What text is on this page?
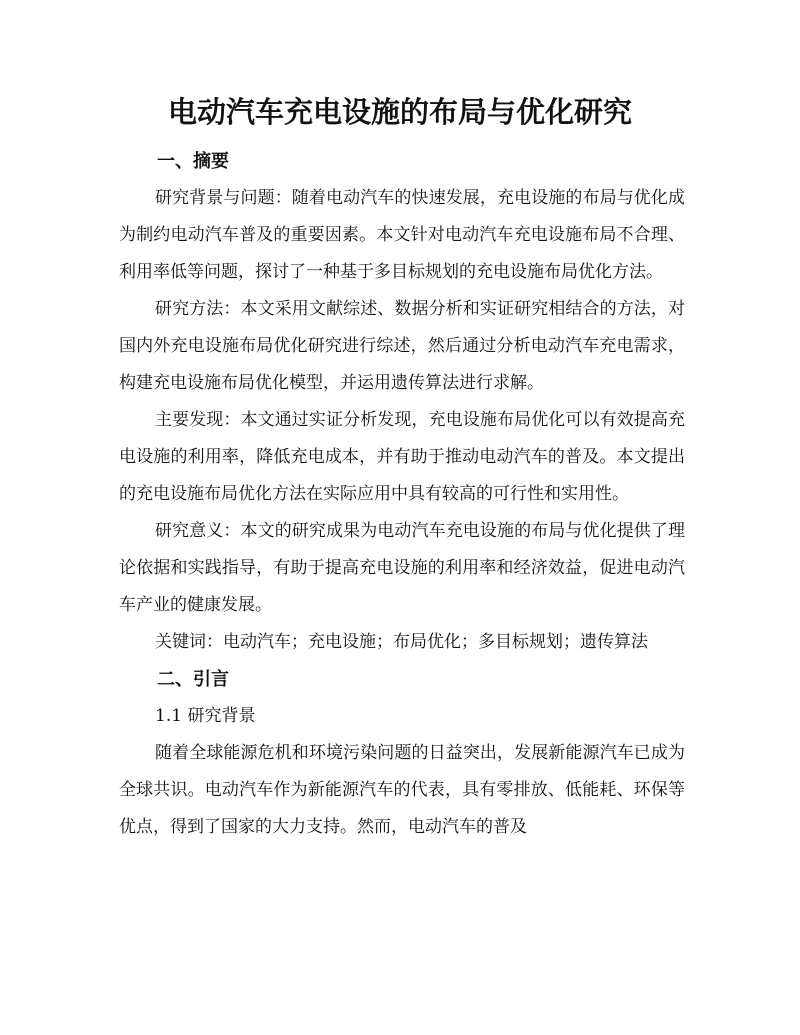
电动汽车充电设施的布局与优化研究

一、摘要

研究背景与问题：随着电动汽车的快速发展，充电设施的布局与优化成为制约电动汽车普及的重要因素。本文针对电动汽车充电设施布局不合理、利用率低等问题，探讨了一种基于多目标规划的充电设施布局优化方法。

研究方法：本文采用文献综述、数据分析和实证研究相结合的方法，对国内外充电设施布局优化研究进行综述，然后通过分析电动汽车充电需求，构建充电设施布局优化模型，并运用遗传算法进行求解。

主要发现：本文通过实证分析发现，充电设施布局优化可以有效提高充电设施的利用率，降低充电成本，并有助于推动电动汽车的普及。本文提出的充电设施布局优化方法在实际应用中具有较高的可行性和实用性。

研究意义：本文的研究成果为电动汽车充电设施的布局与优化提供了理论依据和实践指导，有助于提高充电设施的利用率和经济效益，促进电动汽车产业的健康发展。

关键词：电动汽车；充电设施；布局优化；多目标规划；遗传算法

二、引言

1.1 研究背景

随着全球能源危机和环境污染问题的日益突出，发展新能源汽车已成为全球共识。电动汽车作为新能源汽车的代表，具有零排放、低能耗、环保等优点，得到了国家的大力支持。然而，电动汽车的普及
